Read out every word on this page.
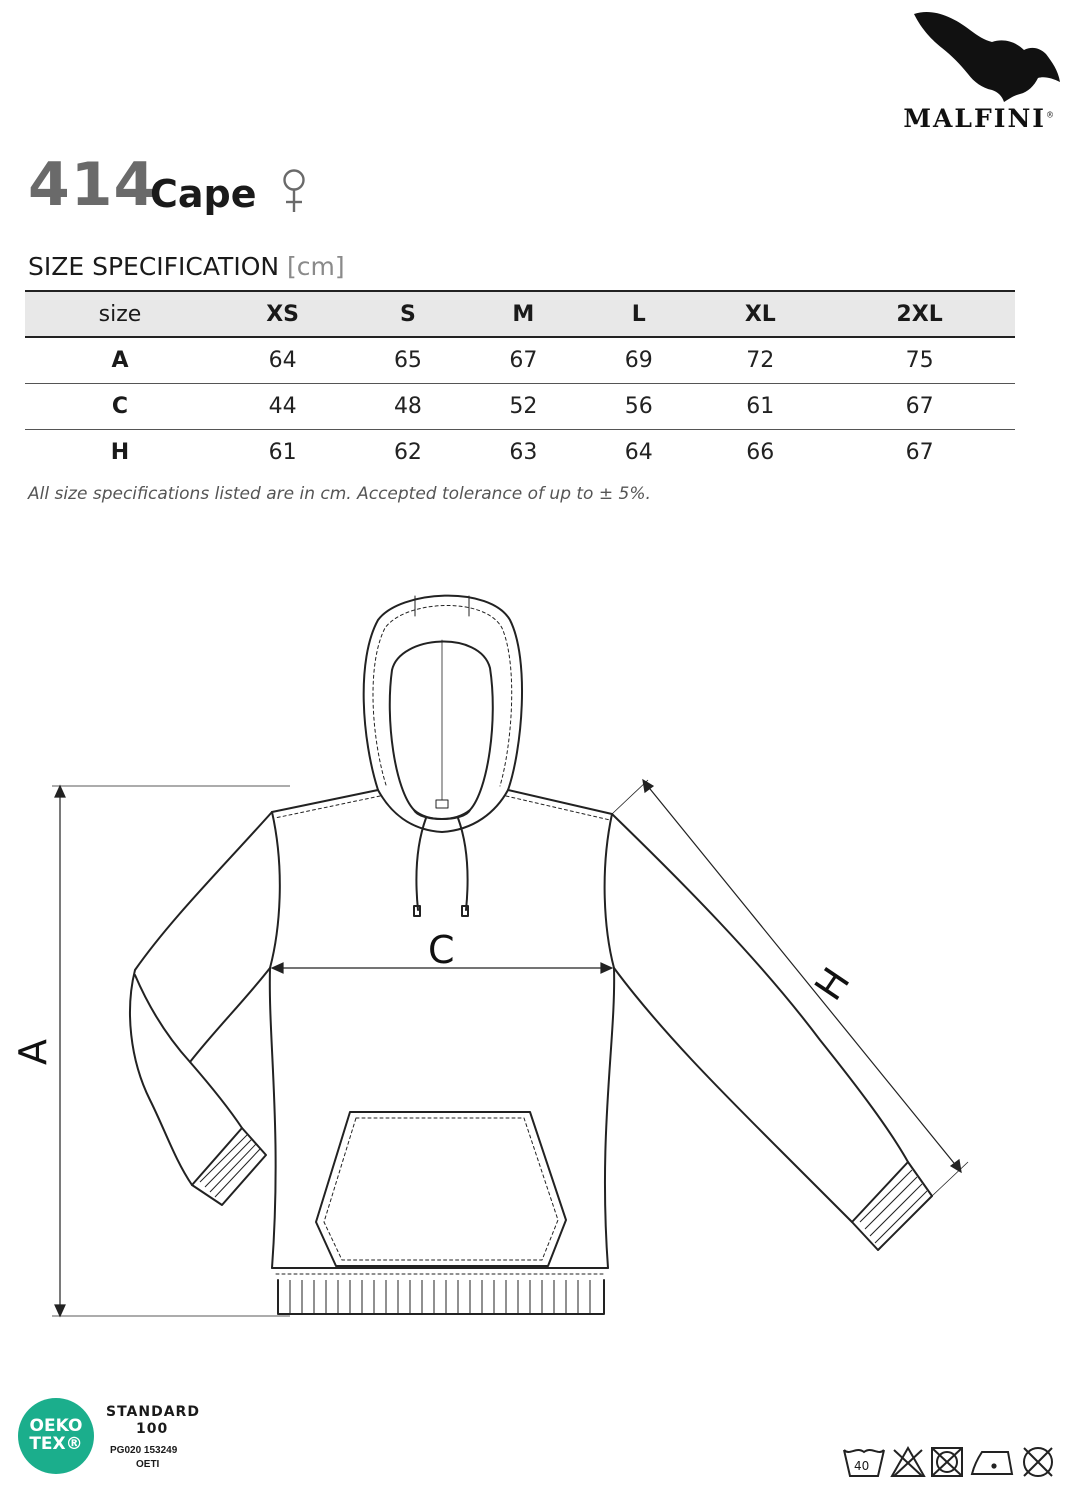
MALFINI®
414
Cape
SIZE SPECIFICATION [cm]
size	XS	S	M	L	XL	2XL
A	64	65	67	69	72	75
C	44	48	52	56	61	67
H	61	62	63	64	66	67
All size specifications listed are in cm. Accepted tolerance of up to ± 5%.
A
C
H
OEKO
TEX®
STANDARD
100
PG020 153249
OETI	40
